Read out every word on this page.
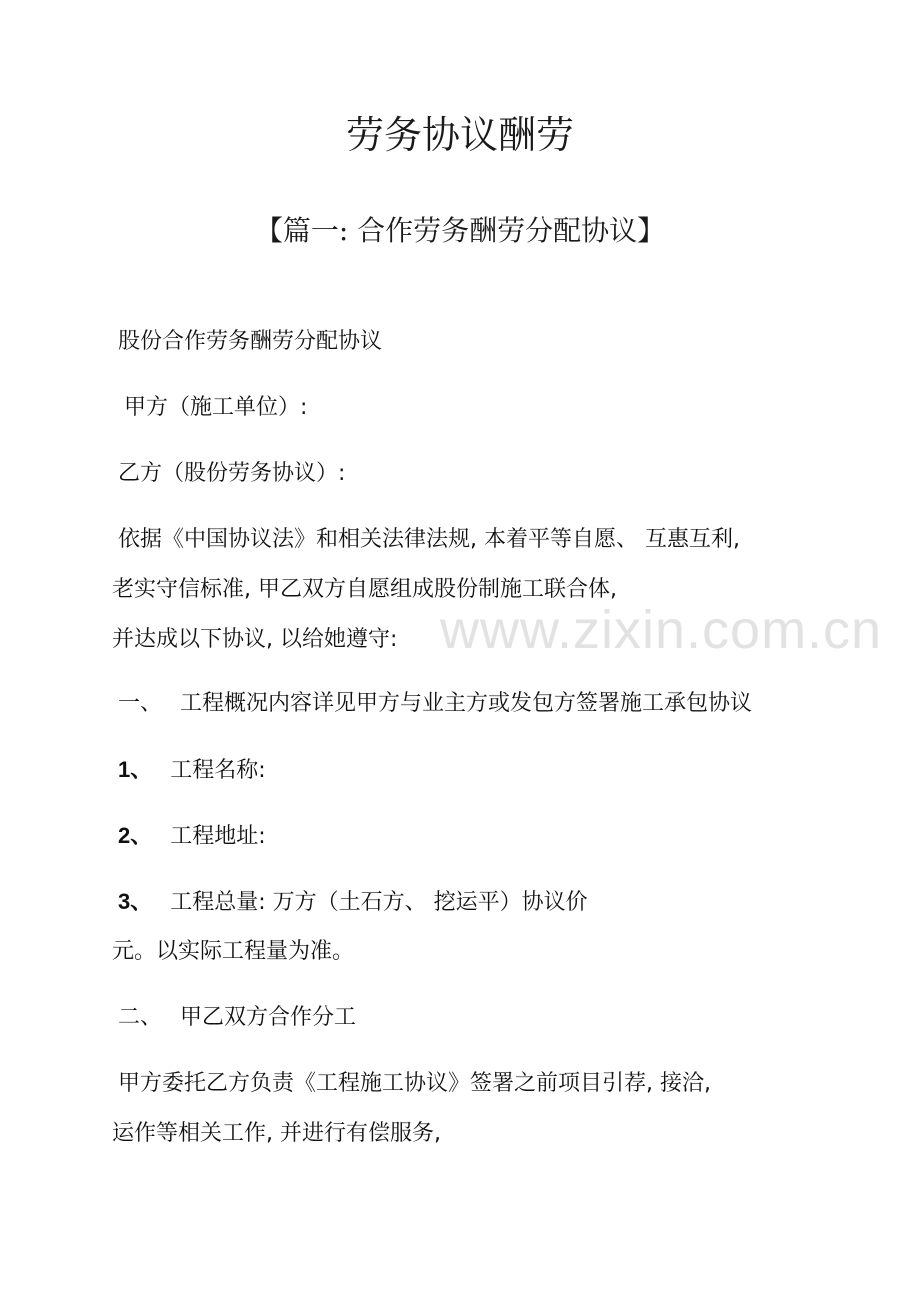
www.zixin.com.cn
劳务协议酬劳
【篇一: 合作劳务酬劳分配协议】
股份合作劳务酬劳分配协议
甲方（施工单位）:
乙方（股份劳务协议）:
依据《中国协议法》和相关法律法规, 本着平等自愿、 互惠互利,
老实守信标准, 甲乙双方自愿组成股份制施工联合体,
并达成以下协议, 以给她遵守:
一、 工程概况内容详见甲方与业主方或发包方签署施工承包协议
1、 工程名称:
2、 工程地址:
3、 工程总量: 万方（土石方、 挖运平）协议价
元。以实际工程量为准。
二、 甲乙双方合作分工
甲方委托乙方负责《工程施工协议》签署之前项目引荐, 接洽,
运作等相关工作, 并进行有偿服务,
